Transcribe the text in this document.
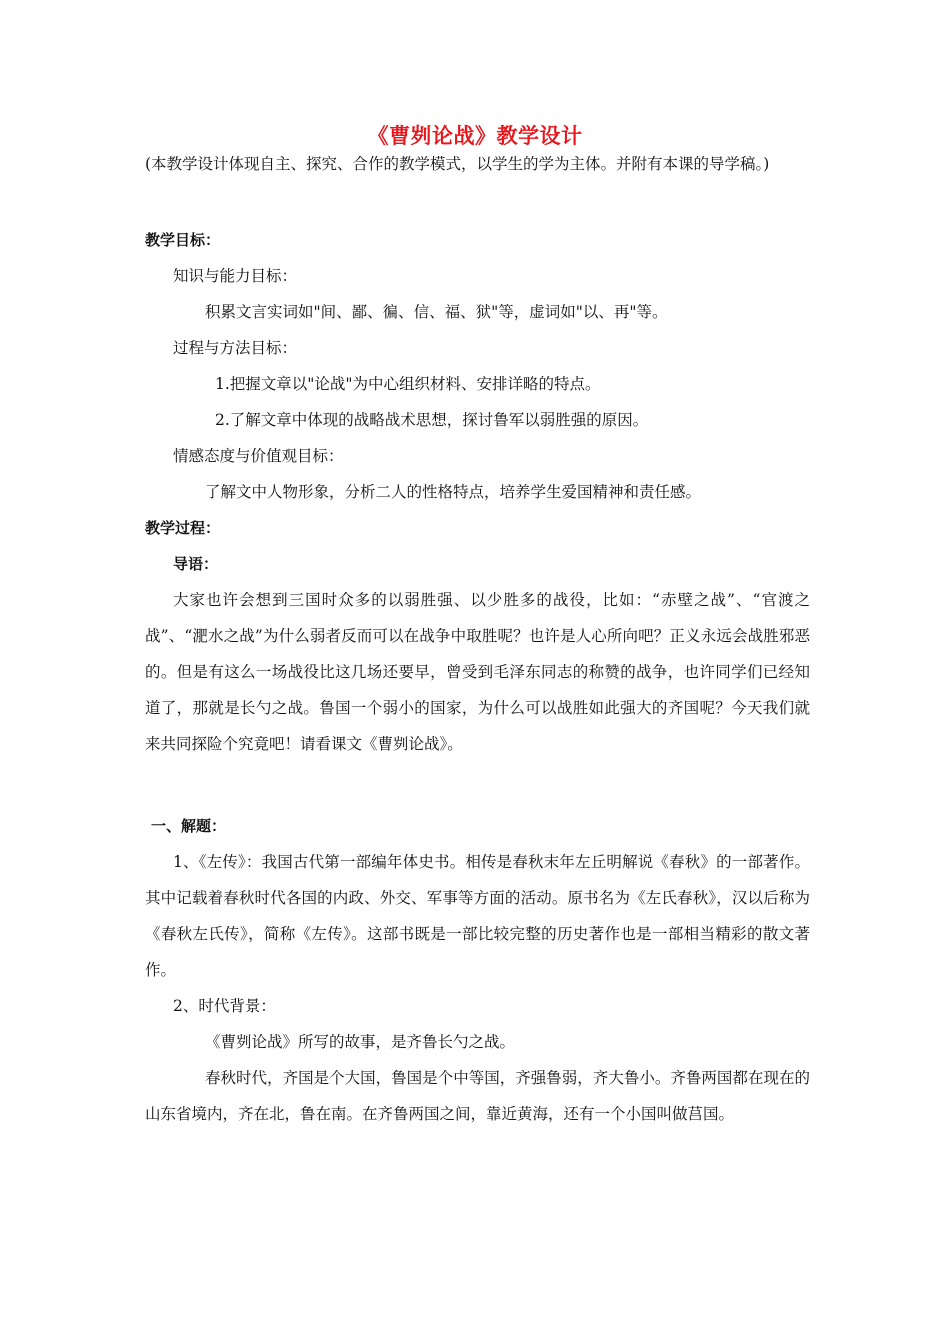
《曹刿论战》教学设计

(本教学设计体现自主、探究、合作的教学模式，以学生的学为主体。并附有本课的导学稿。)

教学目标：

知识与能力目标：

积累文言实词如"间、鄙、徧、信、福、狱"等，虚词如"以、再"等。

过程与方法目标：

1.把握文章以"论战"为中心组织材料、安排详略的特点。

2.了解文章中体现的战略战术思想，探讨鲁军以弱胜强的原因。

情感态度与价值观目标：

了解文中人物形象，分析二人的性格特点，培养学生爱国精神和责任感。

教学过程：

导语：

大家也许会想到三国时众多的以弱胜强、以少胜多的战役，比如：“赤壁之战”、“官渡之战”、“淝水之战”为什么弱者反而可以在战争中取胜呢？也许是人心所向吧？正义永远会战胜邪恶的。但是有这么一场战役比这几场还要早，曾受到毛泽东同志的称赞的战争，也许同学们已经知道了，那就是长勺之战。鲁国一个弱小的国家，为什么可以战胜如此强大的齐国呢？今天我们就来共同探险个究竟吧！请看课文《曹刿论战》。

一、解题：

1、《左传》：我国古代第一部编年体史书。相传是春秋末年左丘明解说《春秋》的一部著作。其中记载着春秋时代各国的内政、外交、军事等方面的活动。原书名为《左氏春秋》，汉以后称为《春秋左氏传》，简称《左传》。这部书既是一部比较完整的历史著作也是一部相当精彩的散文著作。

2、时代背景：

《曹刿论战》所写的故事，是齐鲁长勺之战。

春秋时代，齐国是个大国，鲁国是个中等国，齐强鲁弱，齐大鲁小。齐鲁两国都在现在的山东省境内，齐在北，鲁在南。在齐鲁两国之间，靠近黄海，还有一个小国叫做莒国。
